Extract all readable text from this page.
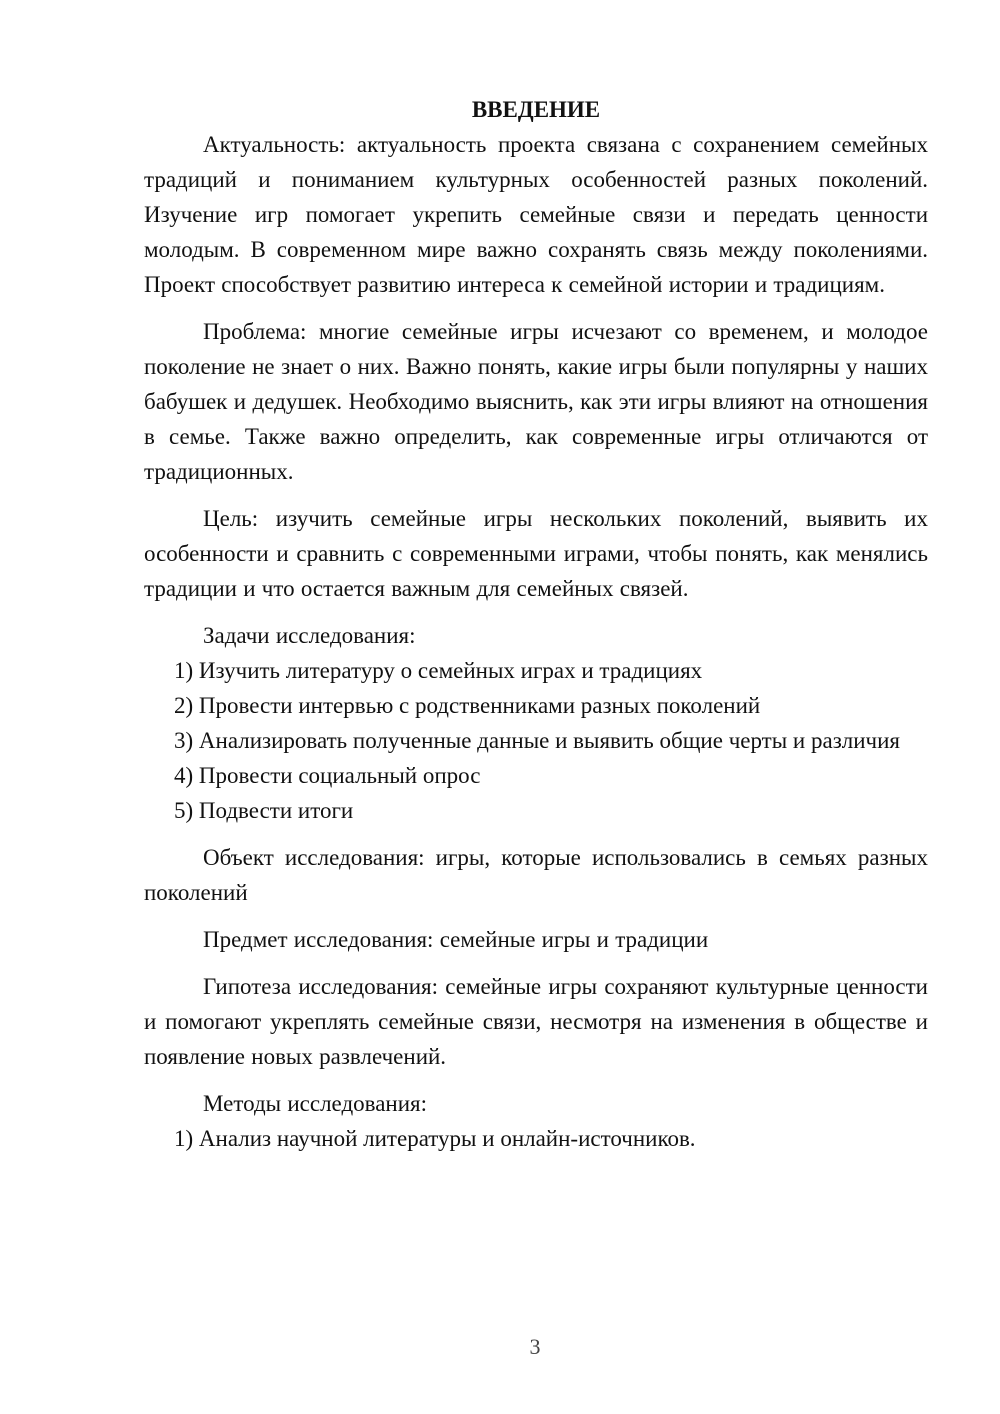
ВВЕДЕНИЕ

Актуальность: актуальность проекта связана с сохранением семейных традиций и пониманием культурных особенностей разных поколений. Изучение игр помогает укрепить семейные связи и передать ценности молодым. В современном мире важно сохранять связь между поколениями. Проект способствует развитию интереса к семейной истории и традициям.

Проблема: многие семейные игры исчезают со временем, и молодое поколение не знает о них. Важно понять, какие игры были популярны у наших бабушек и дедушек. Необходимо выяснить, как эти игры влияют на отношения в семье. Также важно определить, как современные игры отличаются от традиционных.

Цель: изучить семейные игры нескольких поколений, выявить их особенности и сравнить с современными играми, чтобы понять, как менялись традиции и что остается важным для семейных связей.

Задачи исследования:

1) Изучить литературу о семейных играх и традициях

2) Провести интервью с родственниками разных поколений

3) Анализировать полученные данные и выявить общие черты и различия

4) Провести социальный опрос

5) Подвести итоги

Объект исследования: игры, которые использовались в семьях разных поколений

Предмет исследования: семейные игры и традиции

Гипотеза исследования: семейные игры сохраняют культурные ценности и помогают укреплять семейные связи, несмотря на изменения в обществе и появление новых развлечений.

Методы исследования:

1) Анализ научной литературы и онлайн-источников.

3
